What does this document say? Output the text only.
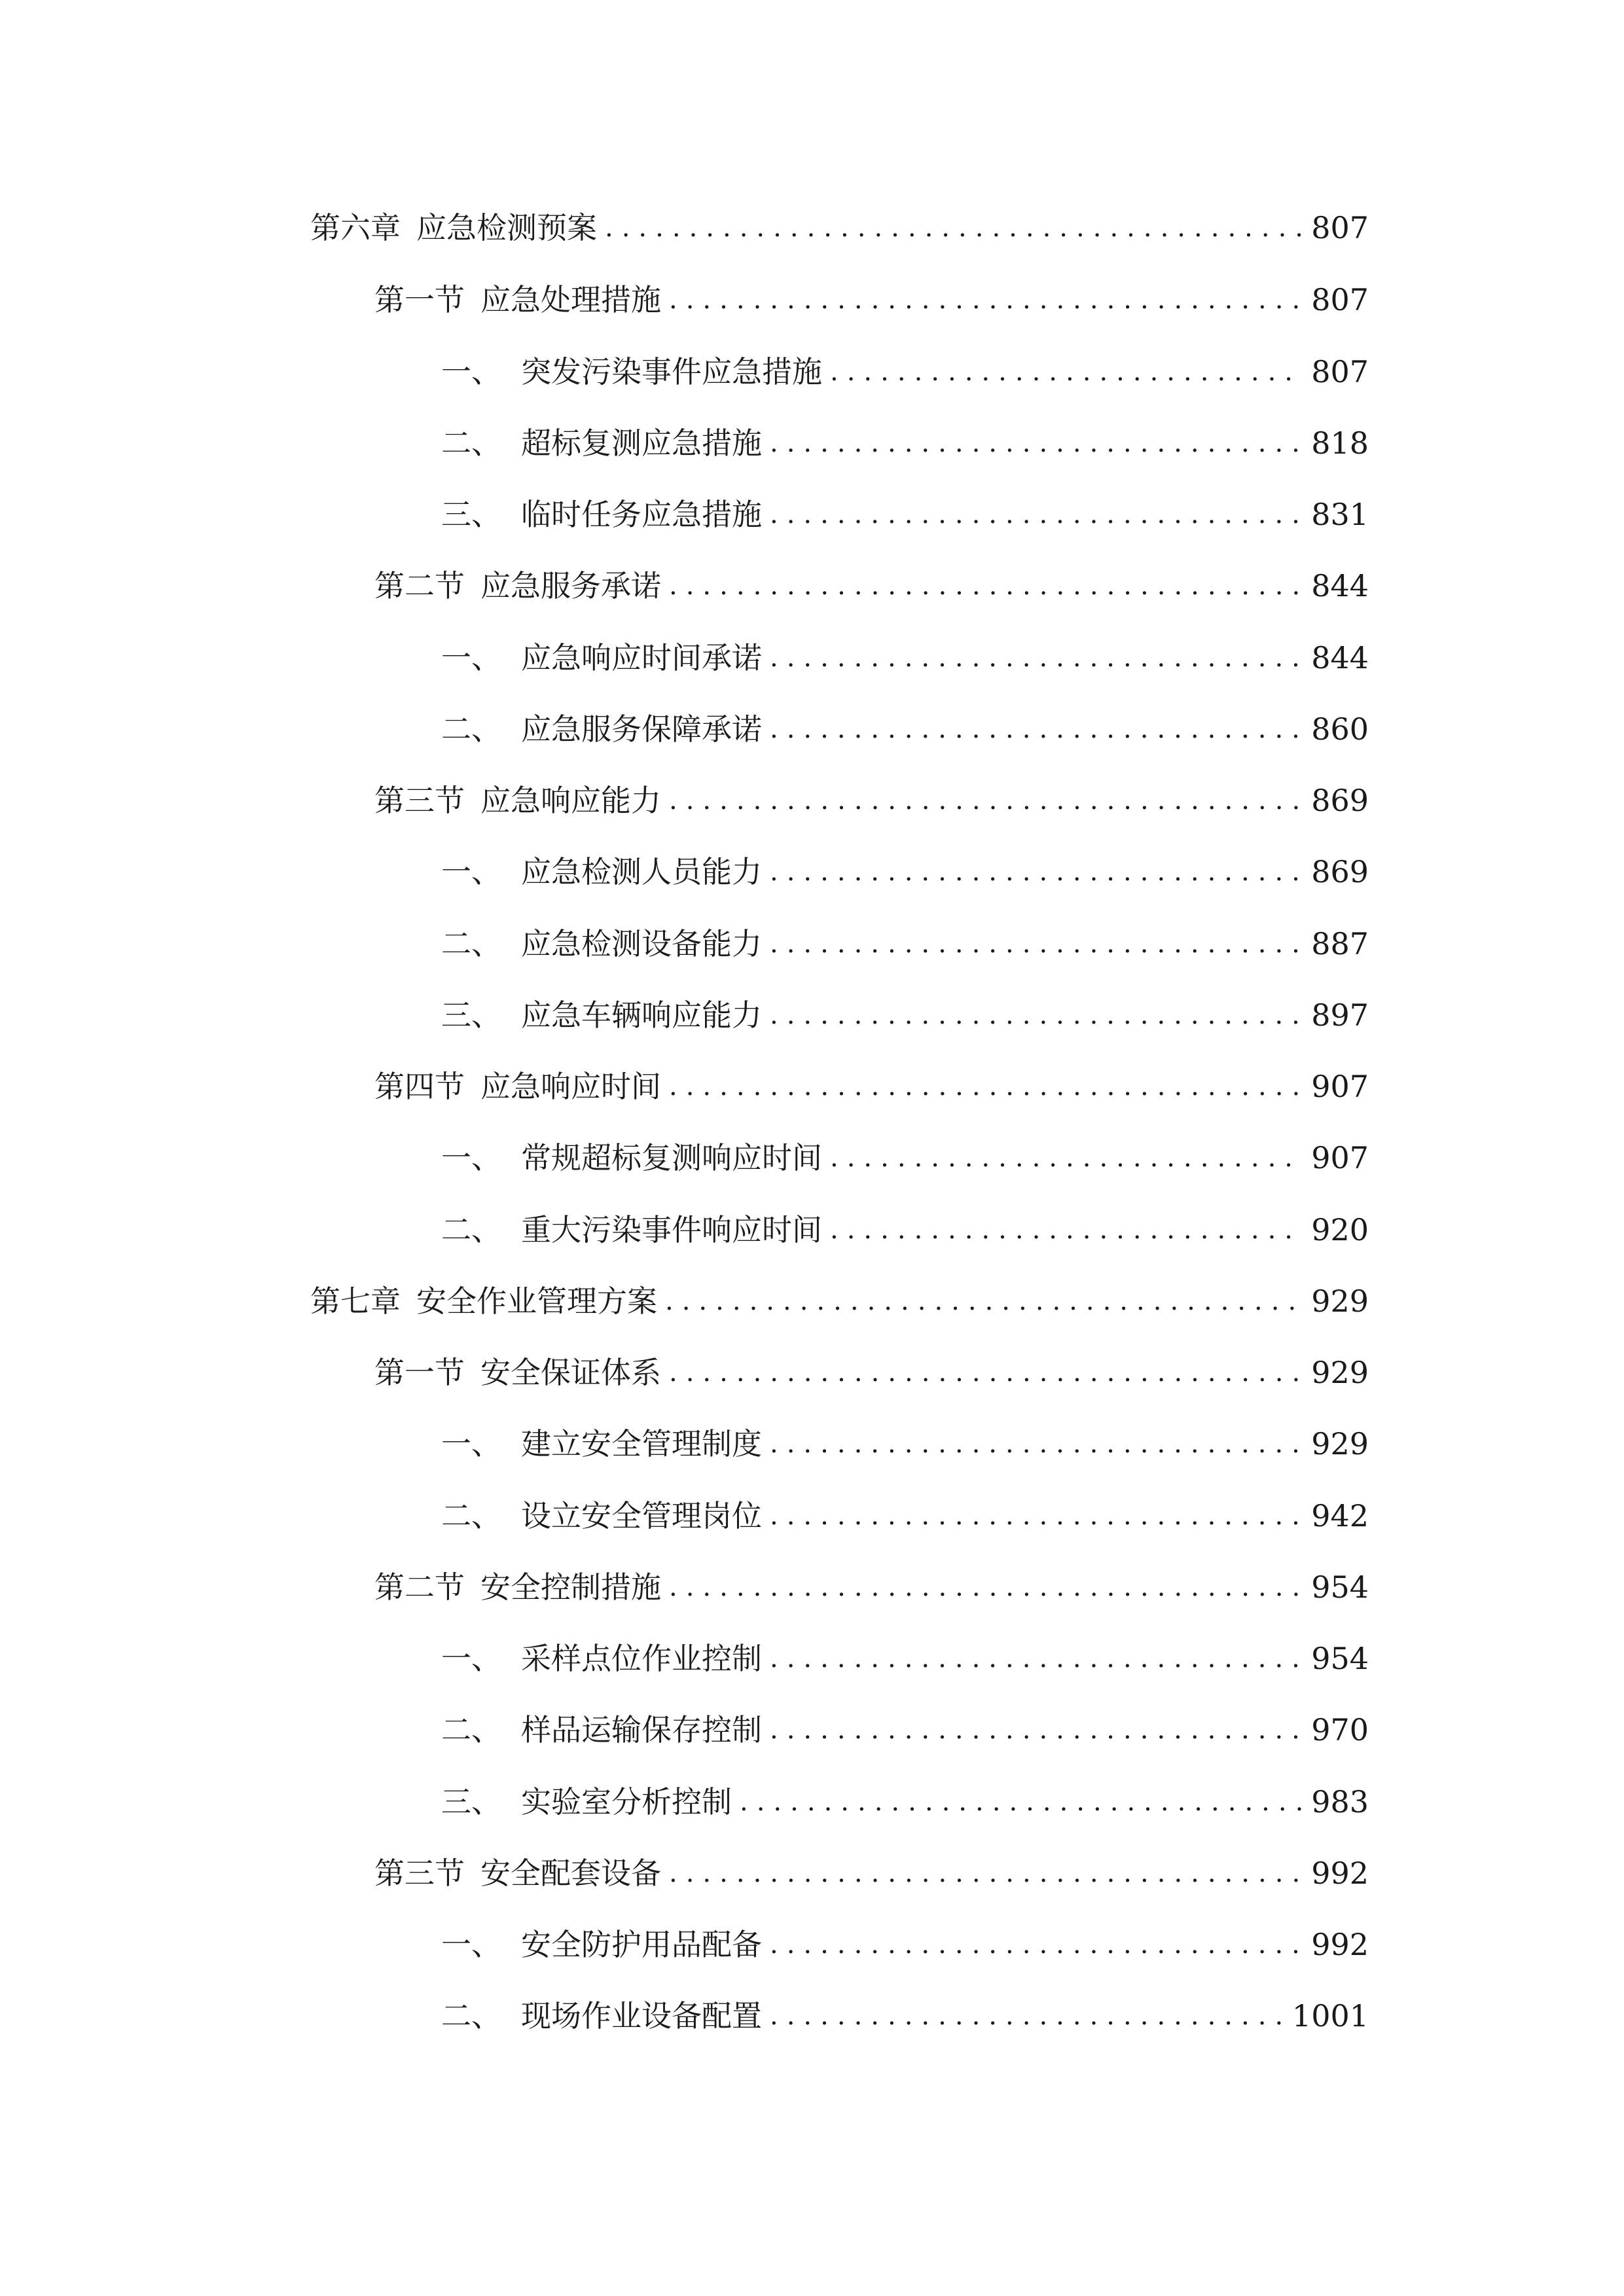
第六章 应急检测预案 .....	807
第一节 应急处理措施 .....	807
一、 突发污染事件应急措施 .....	807
二、 超标复测应急措施 .....	818
三、 临时任务应急措施 .....	831
第二节 应急服务承诺 .....	844
一、 应急响应时间承诺 .....	844
二、 应急服务保障承诺 .....	860
第三节 应急响应能力 .....	869
一、 应急检测人员能力 .....	869
二、 应急检测设备能力 .....	887
三、 应急车辆响应能力 .....	897
第四节 应急响应时间 .....	907
一、 常规超标复测响应时间 .....	907
二、 重大污染事件响应时间 .....	920
第七章 安全作业管理方案 .....	929
第一节 安全保证体系 .....	929
一、 建立安全管理制度 .....	929
二、 设立安全管理岗位 .....	942
第二节 安全控制措施 .....	954
一、 采样点位作业控制 .....	954
二、 样品运输保存控制 .....	970
三、 实验室分析控制 .....	983
第三节 安全配套设备 .....	992
一、 安全防护用品配备 .....	992
二、 现场作业设备配置 .....	1001
